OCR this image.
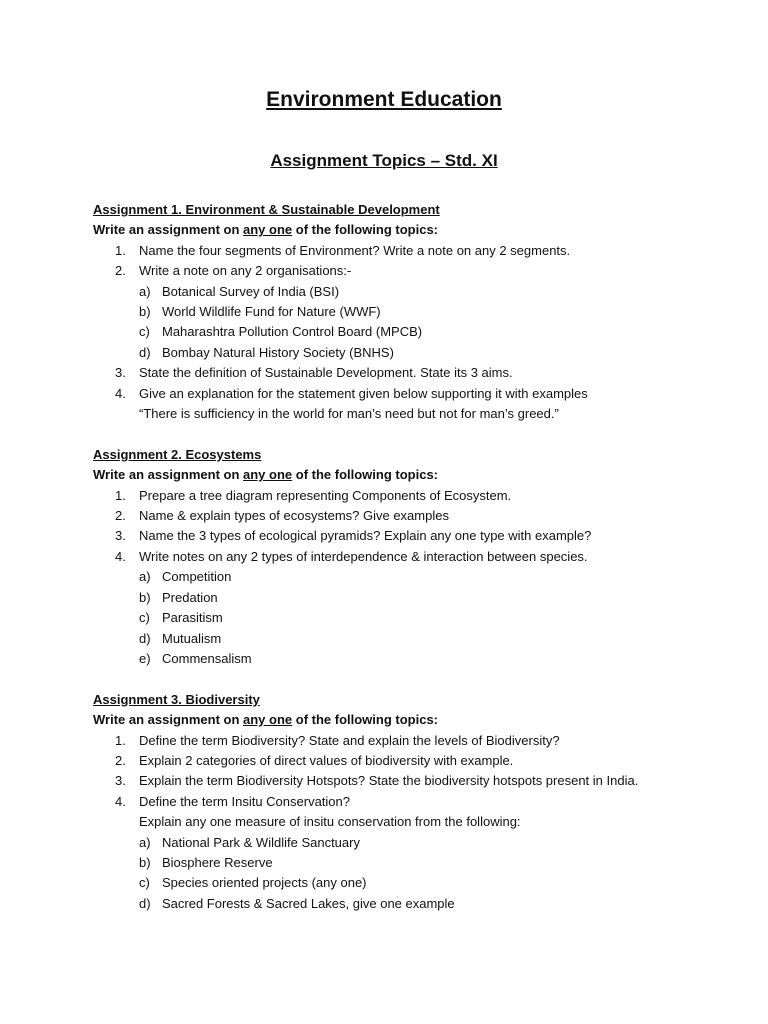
Environment Education
Assignment Topics – Std. XI
Assignment 1. Environment & Sustainable Development
Write an assignment on any one of the following topics:
1. Name the four segments of Environment? Write a note on any 2 segments.
2. Write a note on any 2 organisations:-
a) Botanical Survey of India (BSI)
b) World Wildlife Fund for Nature (WWF)
c) Maharashtra Pollution Control Board (MPCB)
d) Bombay Natural History Society (BNHS)
3. State the definition of Sustainable Development. State its 3 aims.
4. Give an explanation for the statement given below supporting it with examples
“There is sufficiency in the world for man’s need but not for man’s greed.”
Assignment 2. Ecosystems
Write an assignment on any one of the following topics:
1. Prepare a tree diagram representing Components of Ecosystem.
2. Name & explain types of ecosystems? Give examples
3. Name the 3 types of ecological pyramids? Explain any one type with example?
4. Write notes on any 2 types of interdependence & interaction between species.
a) Competition
b) Predation
c) Parasitism
d) Mutualism
e) Commensalism
Assignment 3. Biodiversity
Write an assignment on any one of the following topics:
1. Define the term Biodiversity? State and explain the levels of Biodiversity?
2. Explain 2 categories of direct values of biodiversity with example.
3. Explain the term Biodiversity Hotspots? State the biodiversity hotspots present in India.
4. Define the term Insitu Conservation?
Explain any one measure of insitu conservation from the following:
a) National Park & Wildlife Sanctuary
b) Biosphere Reserve
c) Species oriented projects (any one)
d) Sacred Forests & Sacred Lakes, give one example
